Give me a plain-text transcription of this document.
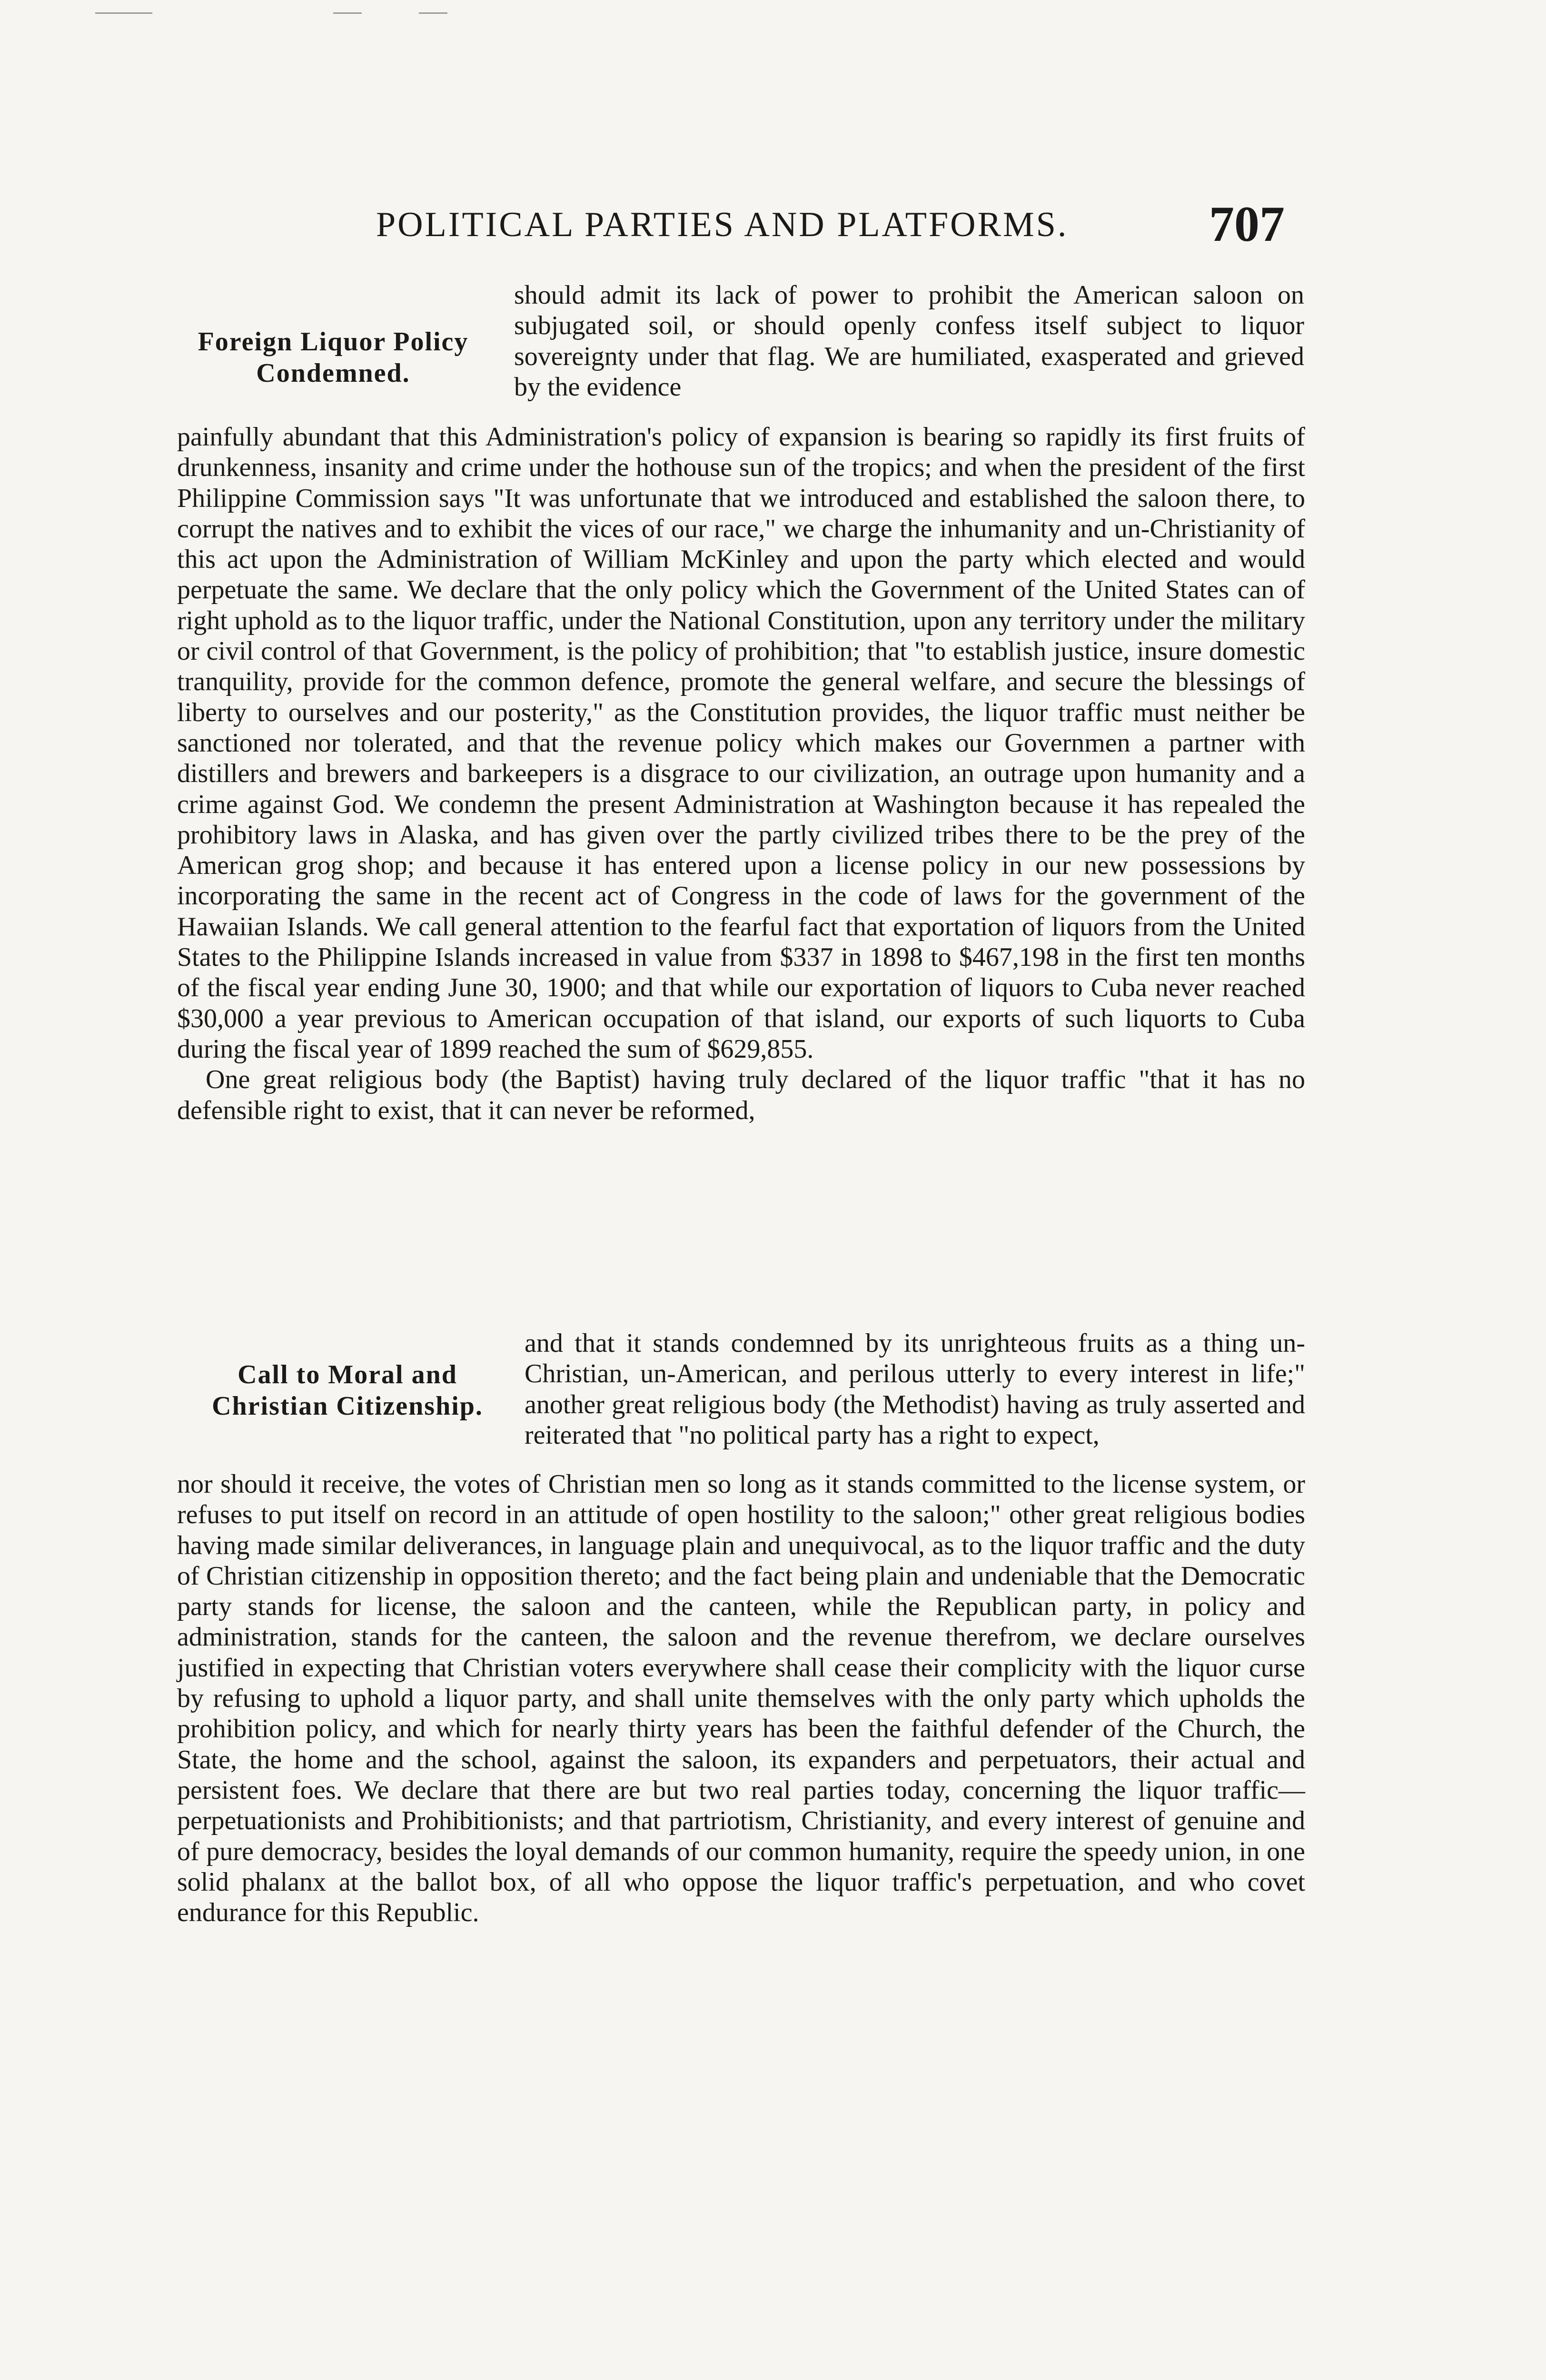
POLITICAL PARTIES AND PLATFORMS.	707
Foreign Liquor Policy Condemned.

should admit its lack of power to prohibit the American saloon on subjugated soil, or should openly confess itself subject to liquor sovereignty under that flag. We are humiliated, exasperated and grieved by the evidence

painfully abundant that this Administration's policy of expansion is bearing so rapidly its first fruits of drunkenness, insanity and crime under the hothouse sun of the tropics; and when the president of the first Philippine Commission says "It was unfortunate that we introduced and established the saloon there, to corrupt the natives and to exhibit the vices of our race," we charge the inhumanity and un-Christianity of this act upon the Administration of William McKinley and upon the party which elected and would perpetuate the same. We declare that the only policy which the Government of the United States can of right uphold as to the liquor traffic, under the National Constitution, upon any territory under the military or civil control of that Government, is the policy of prohibition; that "to establish justice, insure domestic tranquility, provide for the common defence, promote the general welfare, and secure the blessings of liberty to ourselves and our posterity," as the Constitution provides, the liquor traffic must neither be sanctioned nor tolerated, and that the revenue policy which makes our Governmen a partner with distillers and brewers and barkeepers is a disgrace to our civilization, an outrage upon humanity and a crime against God. We condemn the present Administration at Washington because it has repealed the prohibitory laws in Alaska, and has given over the partly civilized tribes there to be the prey of the American grog shop; and because it has entered upon a license policy in our new possessions by incorporating the same in the recent act of Congress in the code of laws for the government of the Hawaiian Islands. We call general attention to the fearful fact that exportation of liquors from the United States to the Philippine Islands increased in value from $337 in 1898 to $467,198 in the first ten months of the fiscal year ending June 30, 1900; and that while our exportation of liquors to Cuba never reached $30,000 a year previous to American occupation of that island, our exports of such liquorts to Cuba during the fiscal year of 1899 reached the sum of $629,855.

One great religious body (the Baptist) having truly declared of the liquor traffic "that it has no defensible right to exist, that it can never be reformed,

Call to Moral and Christian Citizenship.

and that it stands condemned by its unrighteous fruits as a thing un-Christian, un-American, and perilous utterly to every interest in life;" another great religious body (the Methodist) having as truly asserted and reiterated that "no political party has a right to expect,

nor should it receive, the votes of Christian men so long as it stands committed to the license system, or refuses to put itself on record in an attitude of open hostility to the saloon;" other great religious bodies having made similar deliverances, in language plain and unequivocal, as to the liquor traffic and the duty of Christian citizenship in opposition thereto; and the fact being plain and undeniable that the Democratic party stands for license, the saloon and the canteen, while the Republican party, in policy and administration, stands for the canteen, the saloon and the revenue therefrom, we declare ourselves justified in expecting that Christian voters everywhere shall cease their complicity with the liquor curse by refusing to uphold a liquor party, and shall unite themselves with the only party which upholds the prohibition policy, and which for nearly thirty years has been the faithful defender of the Church, the State, the home and the school, against the saloon, its expanders and perpetuators, their actual and persistent foes. We declare that there are but two real parties today, concerning the liquor traffic—perpetuationists and Prohibitionists; and that partriotism, Christianity, and every interest of genuine and of pure democracy, besides the loyal demands of our common humanity, require the speedy union, in one solid phalanx at the ballot box, of all who oppose the liquor traffic's perpetuation, and who covet endurance for this Republic.
